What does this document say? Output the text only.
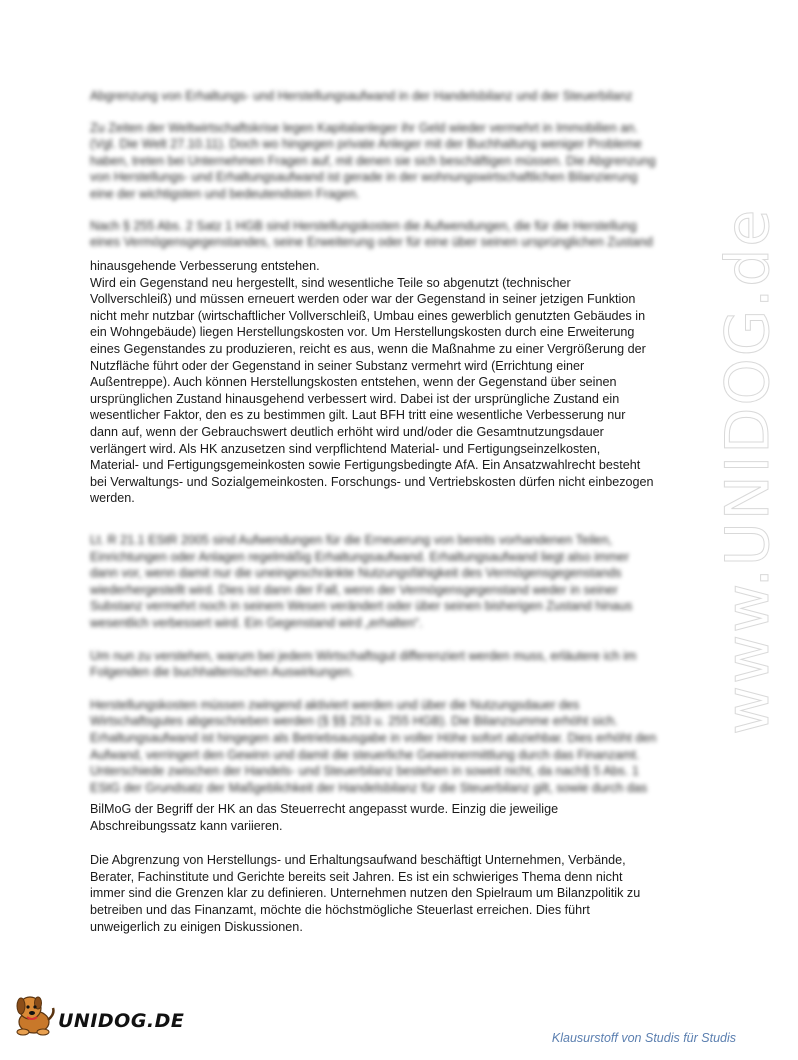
Abgrenzung von Erhaltungs- und Herstellungsaufwand in der Handelsbilanz und der Steuerbilanz
Zu Zeiten der Weltwirtschaftskrise legen Kapitalanleger ihr Geld wieder vermehrt in Immobilien an.
(Vgl. Die Welt 27.10.11). Doch wo hingegen private Anleger mit der Buchhaltung weniger Probleme
haben, treten bei Unternehmen Fragen auf, mit denen sie sich beschäftigen müssen. Die Abgrenzung
von Herstellungs- und Erhaltungsaufwand ist gerade in der wohnungswirtschaftlichen Bilanzierung
eine der wichtigsten und bedeutendsten Fragen.
Nach § 255 Abs. 2 Satz 1 HGB sind Herstellungskosten die Aufwendungen, die für die Herstellung
eines Vermögensgegenstandes, seine Erweiterung oder für eine über seinen ursprünglichen Zustand
hinausgehende Verbesserung entstehen.
Wird ein Gegenstand neu hergestellt, sind wesentliche Teile so abgenutzt (technischer
Vollverschleiß) und müssen erneuert werden oder war der Gegenstand in seiner jetzigen Funktion
nicht mehr nutzbar (wirtschaftlicher Vollverschleiß, Umbau eines gewerblich genutzten Gebäudes in
ein Wohngebäude) liegen Herstellungskosten vor. Um Herstellungskosten durch eine Erweiterung
eines Gegenstandes zu produzieren, reicht es aus, wenn die Maßnahme zu einer Vergrößerung der
Nutzfläche führt oder der Gegenstand in seiner Substanz vermehrt wird (Errichtung einer
Außentreppe). Auch können Herstellungskosten entstehen, wenn der Gegenstand über seinen
ursprünglichen Zustand hinausgehend verbessert wird. Dabei ist der ursprüngliche Zustand ein
wesentlicher Faktor, den es zu bestimmen gilt. Laut BFH tritt eine wesentliche Verbesserung nur
dann auf, wenn der Gebrauchswert deutlich erhöht wird und/oder die Gesamtnutzungsdauer
verlängert wird. Als HK anzusetzen sind verpflichtend Material- und Fertigungseinzelkosten,
Material- und Fertigungsgemeinkosten sowie Fertigungsbedingte AfA. Ein Ansatzwahlrecht besteht
bei Verwaltungs- und Sozialgemeinkosten. Forschungs- und Vertriebskosten dürfen nicht einbezogen
werden.
Lt. R 21.1 EStR 2005 sind Aufwendungen für die Erneuerung von bereits vorhandenen Teilen,
Einrichtungen oder Anlagen regelmäßig Erhaltungsaufwand. Erhaltungsaufwand liegt also immer
dann vor, wenn damit nur die uneingeschränkte Nutzungsfähigkeit des Vermögensgegenstands
wiederhergestellt wird. Dies ist dann der Fall, wenn der Vermögensgegenstand weder in seiner
Substanz vermehrt noch in seinem Wesen verändert oder über seinen bisherigen Zustand hinaus
wesentlich verbessert wird. Ein Gegenstand wird „erhalten“.
Um nun zu verstehen, warum bei jedem Wirtschaftsgut differenziert werden muss, erläutere ich im
Folgenden die buchhalterischen Auswirkungen.
Herstellungskosten müssen zwingend aktiviert werden und über die Nutzungsdauer des
Wirtschaftsgutes abgeschrieben werden (§ §§ 253 u. 255 HGB). Die Bilanzsumme erhöht sich.
Erhaltungsaufwand ist hingegen als Betriebsausgabe in voller Höhe sofort abziehbar. Dies erhöht den
Aufwand, verringert den Gewinn und damit die steuerliche Gewinnermittlung durch das Finanzamt.
Unterschiede zwischen der Handels- und Steuerbilanz bestehen in soweit nicht, da nach§ 5 Abs. 1
EStG der Grundsatz der Maßgeblichkeit der Handelsbilanz für die Steuerbilanz gilt, sowie durch das
BilMoG der Begriff der HK an das Steuerrecht angepasst wurde. Einzig die jeweilige
Abschreibungssatz kann variieren.
Die Abgrenzung von Herstellungs- und Erhaltungsaufwand beschäftigt Unternehmen, Verbände,
Berater, Fachinstitute und Gerichte bereits seit Jahren. Es ist ein schwieriges Thema denn nicht
immer sind die Grenzen klar zu definieren. Unternehmen nutzen den Spielraum um Bilanzpolitik zu
betreiben und das Finanzamt, möchte die höchstmögliche Steuerlast erreichen. Dies führt
unweigerlich zu einigen Diskussionen.
www.UNIDOG.de
UNIDOG.DE
Klausurstoff von Studis für Studis
